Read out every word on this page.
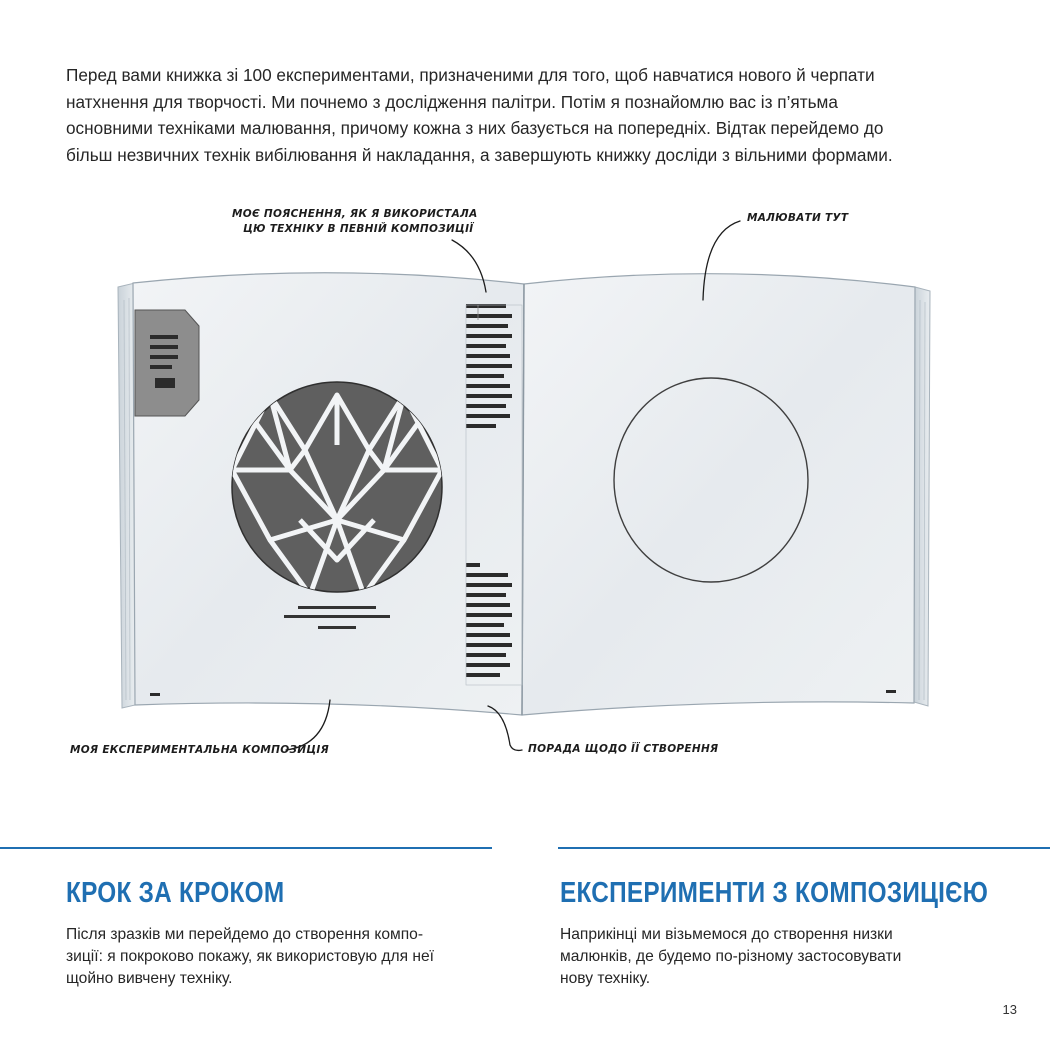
Перед вами книжка зі 100 експериментами, призначеними для того, щоб навчатися нового й черпати
натхнення для творчості. Ми почнемо з дослідження палітри. Потім я познайомлю вас із п’ятьма
основними техніками малювання, причому кожна з них базується на попередніх. Відтак перейдемо до
більш незвичних технік вибілювання й накладання, а завершують книжку досліди з вільними формами.

МОЄ ПОЯСНЕННЯ, ЯК Я ВИКОРИСТАЛА
ЦЮ ТЕХНІКУ В ПЕВНІЙ КОМПОЗИЦІЇ
МАЛЮВАТИ ТУТ
МОЯ ЕКСПЕРИМЕНТАЛЬНА КОМПОЗИЦІЯ	ПОРАДА ЩОДО ЇЇ СТВОРЕННЯ
КРОК ЗА КРОКОМ

Після зразків ми перейдемо до створення компо-
зиції: я покроково покажу, як використовую для неї
щойно вивчену техніку.

ЕКСПЕРИМЕНТИ З КОМПОЗИЦІЄЮ

Наприкінці ми візьмемося до створення низки
малюнків, де будемо по-різному застосовувати
нову техніку.

13
